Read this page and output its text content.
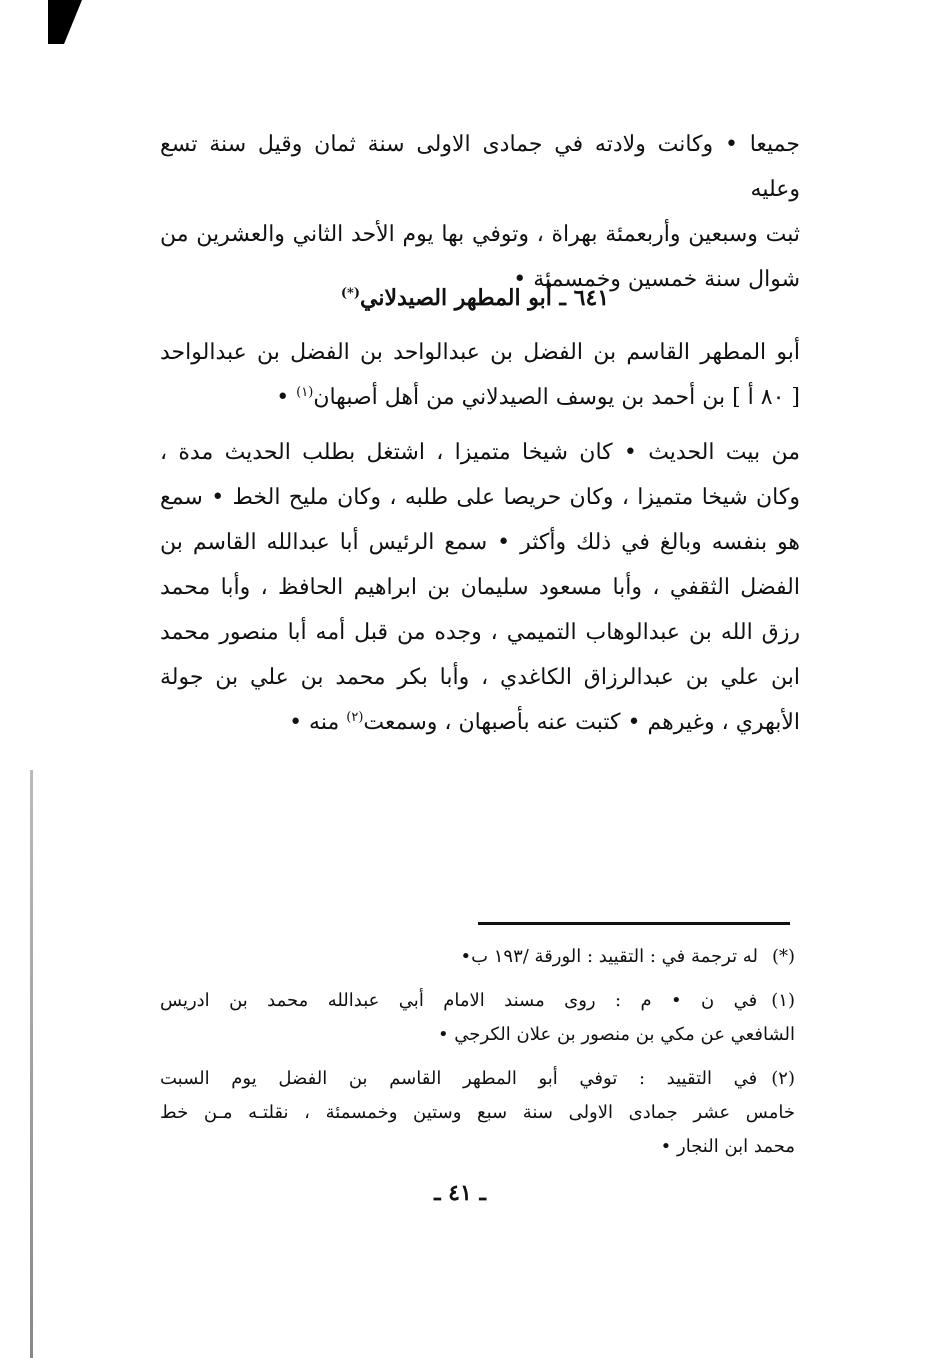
جميعا • وكانت ولادته في جمادى الاولى سنة ثمان وقيل سنة تسع وعليه
ثبت وسبعين وأربعمئة بهراة ، وتوفي بها يوم الأحد الثاني والعشرين من
شوال سنة خمسين وخمسمئة •
٦٤١ ـ أبو المطهر الصيدلاني(*)
أبو المطهر القاسم بن الفضل بن عبدالواحد بن الفضل بن عبدالواحد
[ ٨٠ أ ] بن أحمد بن يوسف الصيدلاني من أهل أصبهان$^{(١)}$ •
من بيت الحديث • كان شيخا متميزا ، اشتغل بطلب الحديث مدة ،
وكان شيخا متميزا ، وكان حريصا على طلبه ، وكان مليح الخط • سمع
هو بنفسه وبالغ في ذلك وأكثر • سمع الرئيس أبا عبدالله القاسم بن
الفضل الثقفي ، وأبا مسعود سليمان بن ابراهيم الحافظ ، وأبا محمد
رزق الله بن عبدالوهاب التميمي ، وجده من قبل أمه أبا منصور محمد
ابن علي بن عبدالرزاق الكاغدي ، وأبا بكر محمد بن علي بن جولة
الأبهري ، وغيرهم • كتبت عنه بأصبهان ، وسمعت$^{(٢)}$ منه •

(*)له ترجمة في : التقييد : الورقة /١٩٣ ب•

(١)في ن • م : روى مسند الامام أبي عبدالله محمد بن ادريس
الشافعي عن مكي بن منصور بن علان الكرجي •

(٢)في التقييد : توفي أبو المطهر القاسم بن الفضل يوم السبت
خامس عشر جمادى الاولى سنة سبع وستين وخمسمئة ، نقلتـه مـن خط
محمد ابن النجار •

ـ ٤١ ـ
